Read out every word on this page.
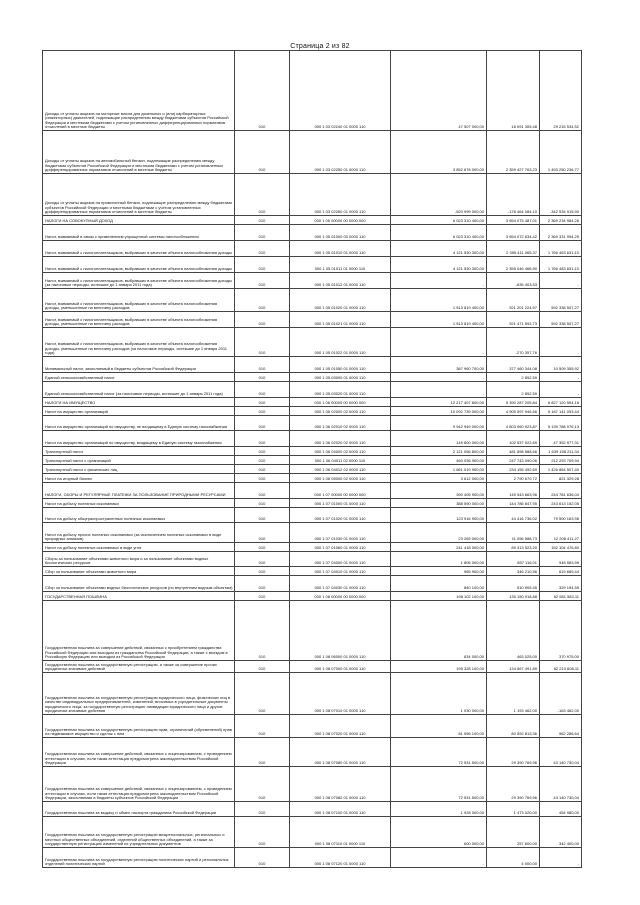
Страница 2 из 82
Доходы от уплаты акцизов на моторные масла для дизельных и (или) карбюраторных (инжекторных) двигателей, подлежащие распределению между бюджетами субъектов Российской Федерации и местными бюджетами с учетом установленных дифференцированных нормативов отчислений в местные бюджеты	010	000 1 03 02240 01 0000 110	47 507 000,00	18 091 305,48	29 215 534,52
Доходы от уплаты акцизов на автомобильный бензин, подлежащие распределению между бюджетами субъектов Российской Федерации и местными бюджетами с учетом установленных дифференцированных нормативов отчислений в местные бюджеты	010	000 1 03 02250 01 0000 110	3 852 678 000,00	2 359 427 763,23	1 493 250 236,77
Доходы от уплаты акцизов на прямогонный бензин, подлежащие распределению между бюджетами субъектов Российской Федерации и местными бюджетами с учетом установленных дифференцированных нормативов отчислений в местные бюджеты	010	000 1 03 02260 01 0000 110	-520 999 000,00	-178 464 084,10	-342 534 915,90
НАЛОГИ НА СОВОКУПНЫЙ ДОХОД	010	000 1 05 00000 00 0000 000	6 023 310 400,00	3 654 075 487,01	2 369 234 984,28
Налог, взимаемый в связи с применением упрощенной системы налогообложения	010	000 1 05 01000 00 0000 110	6 023 310 400,00	3 654 072 634,42	2 369 331 994,29
Налог, взимаемый с налогоплательщиков, выбравших в качестве объекта налогообложения доходы	010	000 1 05 01010 01 0000 110	4 121 530 300,00	2 355 411 065,37	1 766 463 631,10
Налог, взимаемый с налогоплательщиков, выбравших в качестве объекта налогообложения доходы	010	000 1 05 01011 01 0000 110	4 121 530 300,00	2 355 046 468,90	1 766 483 831,10
Налог, взимаемый с налогоплательщиков, выбравших в качестве объекта налогообложения доходы (за налоговые периоды, истекшие до 1 января 2011 года)	010	000 1 05 01012 01 0000 110	-	-635 403,53	-
Налог, взимаемый с налогоплательщиков, выбравших в качестве объекта налогообложения доходы, уменьшенные на величину расходов	010	000 1 05 01020 01 0000 110	1 513 819 400,00	921 201 224,97	592 338 507,27
Налог, взимаемый с налогоплательщиков, выбравших в качестве объекта налогообложения доходы, уменьшенные на величину расходов	010	000 1 05 01021 01 0000 110	1 513 819 400,00	921 471 592,73	592 338 507,27
Налог, взимаемый с налогоплательщиков, выбравших в качестве объекта налогообложения доходы, уменьшенные на величину расходов (за налоговые периоды, истекшие до 1 января 2011 года)	010	000 1 05 01022 01 0000 110	-	-270 357,76	-
Минимальный налог, зачисляемый в бюджеты субъектов Российской Федерации	010	000 1 05 01050 01 0000 110	387 960 700,00	377 460 344,08	10 509 355,92
Единый сельскохозяйственный налог	010	000 1 05 03000 01 0000 110	-	2 852,59	-
Единый сельскохозяйственный налог (за налоговые периоды, истекшие до 1 января 2011 года)	010	000 1 05 03020 01 0000 110	-	2 852,59	-
НАЛОГИ НА ИМУЩЕСТВО	010	000 1 06 00000 00 0000 000	12 217 407 800,00	5 390 287 205,84	6 827 120 594,16
Налог на имущество организаций	010	000 1 06 02000 02 0000 110	10 092 739 000,00	4 905 597 946,56	5 187 141 053,44
Налог на имущество организаций по имуществу, не входящему в Единую систему газоснабжения	010	000 1 06 02010 02 0000 110	9 942 949 000,00	4 803 060 923,87	5 139 788 076,13
Налог на имущество организаций по имуществу, входящему в Единую систему газоснабжения	010	000 1 06 02020 02 0000 110	149 800 000,00	102 537 022,69	47 352 977,31
Транспортный налог	010	000 1 06 04000 02 0000 110	2 121 056 800,00	481 898 588,66	1 639 158 211,34
Транспортный налог с организаций	010	000 1 06 04011 02 0000 110	460 036 900,00	247 743 090,06	212 293 709,94
Транспортный налог с физических лиц	010	000 1 06 04012 02 0000 110	1 661 019 900,00	234 155 492,60	1 426 864 507,40
Налог на игорный бизнес	010	000 1 06 05000 02 0000 110	3 612 000,00	2 790 670,72	821 329,28
НАЛОГИ, СБОРЫ И РЕГУЛЯРНЫЕ ПЛАТЕЖИ ЗА ПОЛЬЗОВАНИЕ ПРИРОДНЫМИ РЕСУРСАМИ	010	000 1 07 00000 00 0000 000	390 405 900,00	145 543 663,96	244 781 636,04
Налог на добычу полезных ископаемых	010	000 1 07 01000 01 0000 110	388 590 000,00	144 786 847,95	243 613 152,05
Налог на добычу общераспространенных полезных ископаемых	010	000 1 07 01020 01 0000 110	123 916 900,00	44 416 736,02	79 500 163,98
Налог на добычу прочих полезных ископаемых (за исключением полезных ископаемых в виде природных алмазов)	010	000 1 07 01030 01 0000 110	23 265 000,00	11 056 588,73	12 208 411,27
Налог на добычу полезных ископаемых в виде угля	010	000 1 07 01060 01 0000 110	241 418 000,00	89 313 523,20	152 104 476,80
Сборы за пользование объектами животного мира и за пользование объектами водных биологических ресурсов	010	000 1 07 04000 01 0000 110	1 805 000,00	857 116,01	948 583,99
Сбор за пользование объектами животного мира	010	000 1 07 04010 01 0000 110	965 900,00	346 210,56	619 689,44
Сбор за пользование объектами водных биологических ресурсов (по внутренним водным объектам)	010	000 1 07 04030 01 0000 110	840 100,00	510 905,45	329 194,55
ГОСУДАРСТВЕННАЯ ПОШЛИНА	010	000 1 08 00000 00 0000 000	198 102 100,00	135 150 918,88	62 581 583,11
Государственная пошлина за совершение действий, связанных с приобретением гражданства Российской Федерации или выходом из гражданства Российской Федерации, а также с въездом в Российскую Федерацию или выездом из Российской Федерации	010	000 1 08 06000 01 0000 110	834 000,00	463 025,00	370 975,00
Государственная пошлина за государственную регистрацию, а также за совершение прочих юридически значимых действий	010	000 1 08 07000 01 0000 110	195 328 100,00	134 667 491,89	62 210 608,11
Государственная пошлина за государственную регистрацию юридического лица, физических лиц в качестве индивидуальных предпринимателей, изменений, вносимых в учредительные документы юридического лица, за государственную регистрацию ликвидации юридического лица и другие юридически значимые действия	010	000 1 08 07010 01 0000 110	1 030 000,00	1 193 462,00	-163 462,00
Государственная пошлина за государственную регистрацию прав, ограничений (обременений) прав на недвижимое имущество и сделок с ним	010	000 1 08 07020 01 0000 110	81 556 100,00	80 592 813,36	962 286,64
Государственная пошлина за совершение действий, связанных с лицензированием, с проведением аттестации в случаях, если такая аттестация предусмотрена законодательством Российской Федерации	010	000 1 08 07080 01 0000 110	72 531 500,00	29 390 769,96	43 140 730,04
Государственная пошлина за совершение действий, связанных с лицензированием, с проведением аттестации в случаях, если такая аттестация предусмотрена законодательством Российской Федерации, зачисляемая в бюджеты субъектов Российской Федерации	010	000 1 08 07082 01 0000 110	72 531 500,00	29 390 769,96	43 140 730,04
Государственная пошлина за выдачу и обмен паспорта гражданина Российской Федерации	010	000 1 08 07100 01 0000 110	1 928 000,00	1 473 020,00	454 980,00
Государственная пошлина за государственную регистрацию межрегиональных, региональных и местных общественных объединений, отделений общественных объединений, а также за государственную регистрацию изменений их учредительных документов	010	000 1 08 07110 01 0000 110	600 000,00	257 600,00	342 400,00
Государственная пошлина за государственную регистрацию политических партий и региональных отделений политических партий	010	000 1 08 07120 01 0000 110	-	4 000,00	-
